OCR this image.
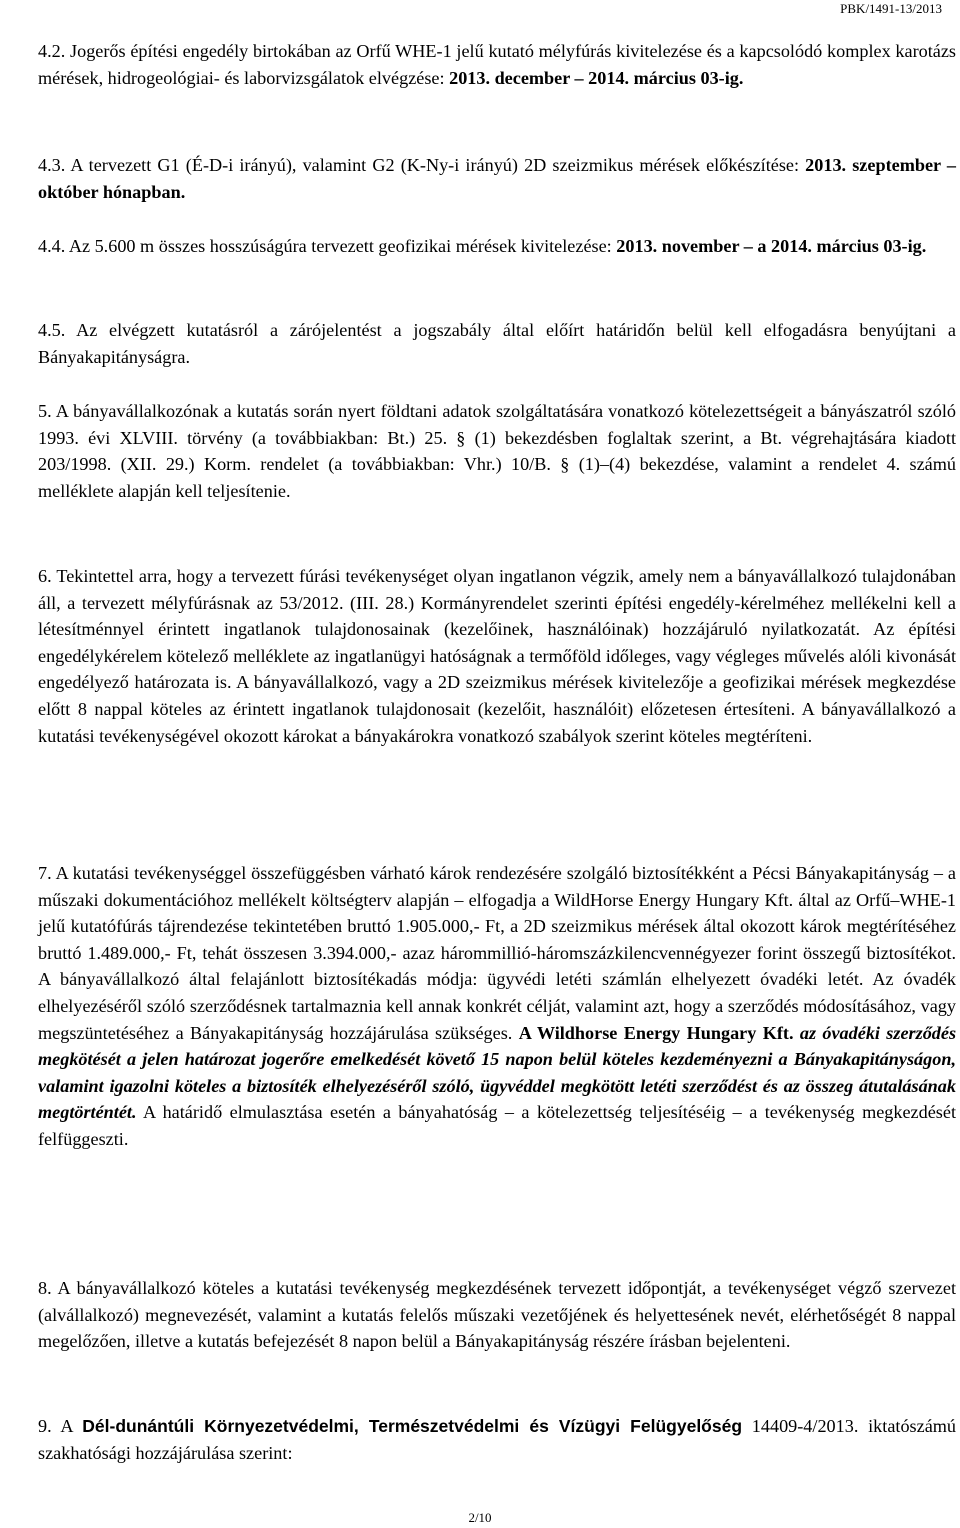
PBK/1491-13/2013

4.2. Jogerős építési engedély birtokában az Orfű WHE-1 jelű kutató mélyfúrás kivitelezése és a kapcsolódó komplex karotázs mérések, hidrogeológiai- és laborvizsgálatok elvégzése: 2013. december – 2014. március 03-ig.

4.3. A tervezett G1 (É-D-i irányú), valamint G2 (K-Ny-i irányú) 2D szeizmikus mérések előkészítése: 2013. szeptember – október hónapban.

4.4. Az 5.600 m összes hosszúságúra tervezett geofizikai mérések kivitelezése: 2013. november – a 2014. március 03-ig.

4.5. Az elvégzett kutatásról a zárójelentést a jogszabály által előírt határidőn belül kell elfogadásra benyújtani a Bányakapitányságra.

5. A bányavállalkozónak a kutatás során nyert földtani adatok szolgáltatására vonatkozó kötelezettségeit a bányászatról szóló 1993. évi XLVIII. törvény (a továbbiakban: Bt.) 25. § (1) bekezdésben foglaltak szerint, a Bt. végrehajtására kiadott 203/1998. (XII. 29.) Korm. rendelet (a továbbiakban: Vhr.) 10/B. § (1)–(4) bekezdése, valamint a rendelet 4. számú melléklete alapján kell teljesítenie.

6. Tekintettel arra, hogy a tervezett fúrási tevékenységet olyan ingatlanon végzik, amely nem a bányavállalkozó tulajdonában áll, a tervezett mélyfúrásnak az 53/2012. (III. 28.) Kormányrendelet szerinti építési engedély-kérelméhez mellékelni kell a létesítménnyel érintett ingatlanok tulajdonosainak (kezelőinek, használóinak) hozzájáruló nyilatkozatát. Az építési engedélykérelem kötelező melléklete az ingatlanügyi hatóságnak a termőföld időleges, vagy végleges művelés alóli kivonását engedélyező határozata is. A bányavállalkozó, vagy a 2D szeizmikus mérések kivitelezője a geofizikai mérések megkezdése előtt 8 nappal köteles az érintett ingatlanok tulajdonosait (kezelőit, használóit) előzetesen értesíteni. A bányavállalkozó a kutatási tevékenységével okozott károkat a bányakárokra vonatkozó szabályok szerint köteles megtéríteni.

7. A kutatási tevékenységgel összefüggésben várható károk rendezésére szolgáló biztosítékként a Pécsi Bányakapitányság – a műszaki dokumentációhoz mellékelt költségterv alapján – elfogadja a WildHorse Energy Hungary Kft. által az Orfű–WHE-1 jelű kutatófúrás tájrendezése tekintetében bruttó 1.905.000,- Ft, a 2D szeizmikus mérések által okozott károk megtérítéséhez bruttó 1.489.000,- Ft, tehát összesen 3.394.000,- azaz hárommillió-háromszázkilencvennégyezer forint összegű biztosítékot. A bányavállalkozó által felajánlott biztosítékadás módja: ügyvédi letéti számlán elhelyezett óvadéki letét. Az óvadék elhelyezéséről szóló szerződésnek tartalmaznia kell annak konkrét célját, valamint azt, hogy a szerződés módosításához, vagy megszüntetéséhez a Bányakapitányság hozzájárulása szükséges. A Wildhorse Energy Hungary Kft. az óvadéki szerződés megkötését a jelen határozat jogerőre emelkedését követő 15 napon belül köteles kezdeményezni a Bányakapitányságon, valamint igazolni köteles a biztosíték elhelyezéséről szóló, ügyvéddel megkötött letéti szerződést és az összeg átutalásának megtörténtét. A határidő elmulasztása esetén a bányahatóság – a kötelezettség teljesítéséig – a tevékenység megkezdését felfüggeszti.

8. A bányavállalkozó köteles a kutatási tevékenység megkezdésének tervezett időpontját, a tevékenységet végző szervezet (alvállalkozó) megnevezését, valamint a kutatás felelős műszaki vezetőjének és helyettesének nevét, elérhetőségét 8 nappal megelőzően, illetve a kutatás befejezését 8 napon belül a Bányakapitányság részére írásban bejelenteni.

9. A Dél-dunántúli Környezetvédelmi, Természetvédelmi és Vízügyi Felügyelőség 14409-4/2013. iktatószámú szakhatósági hozzájárulása szerint:

2/10
